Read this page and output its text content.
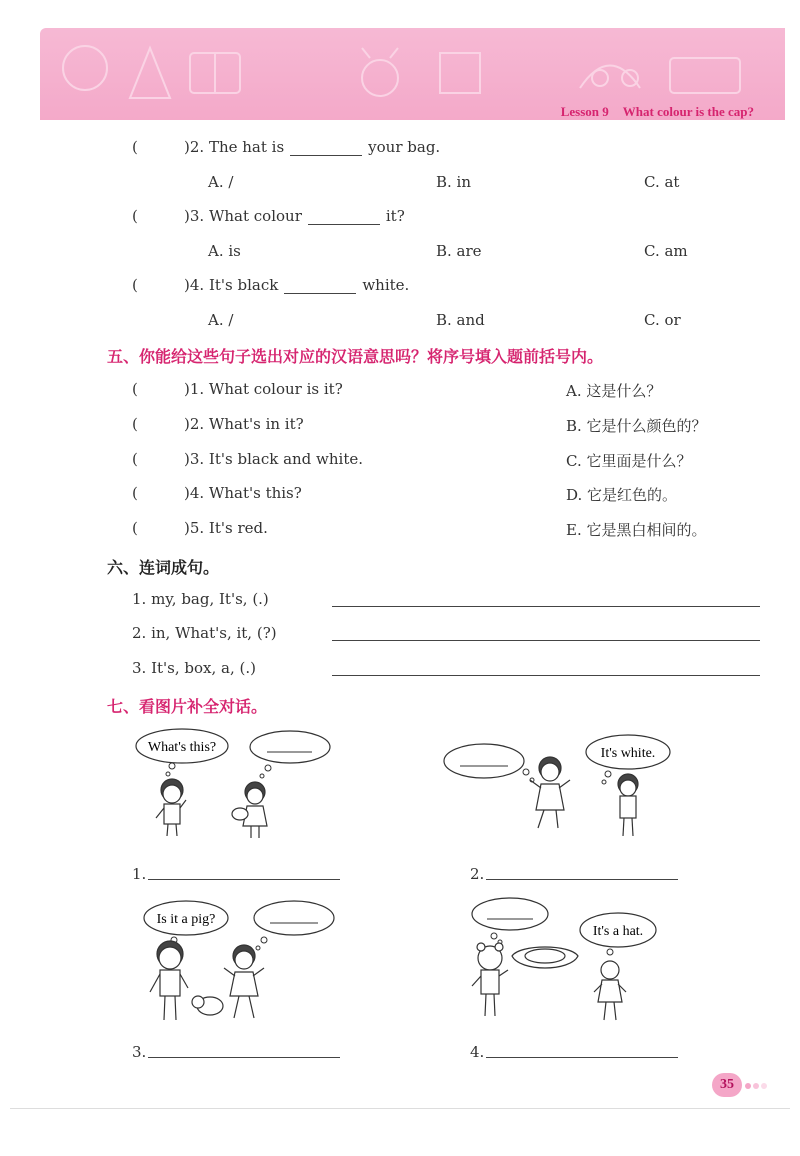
Lesson 9 What colour is the cap?
(	)2. The hat is	your bag.
A. /	B. in	C. at
(	)3. What colour	it?
A. is	B. are	C. am
(	)4. It's black	white.
A. /	B. and	C. or
五、你能给这些句子选出对应的汉语意思吗？将序号填入题前括号内。
(	)1. What colour is it?	A. 这是什么？
(	)2. What's in it?	B. 它是什么颜色的？
(	)3. It's black and white.	C. 它里面是什么？
(	)4. What's this?	D. 它是红色的。
(	)5. It's red.	E. 它是黑白相间的。
六、连词成句。
1. my, bag, It's, (.)
2. in, What's, it, (?)
3. It's, box, a, (.)
七、看图片补全对话。
What's this?
1.
It's white.
2.
Is it a pig?
3.
It's a hat.
4.
35
